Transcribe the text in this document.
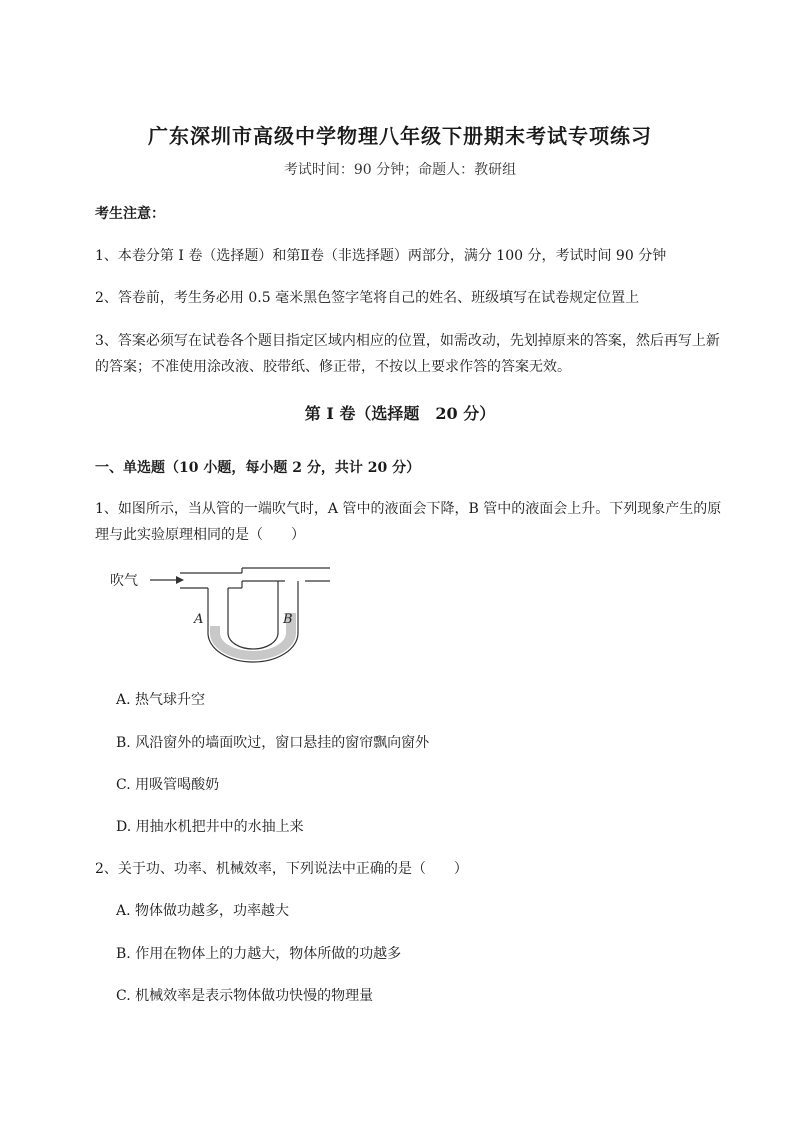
广东深圳市高级中学物理八年级下册期末考试专项练习
考试时间：90 分钟；命题人：教研组
考生注意：
1、本卷分第 I 卷（选择题）和第Ⅱ卷（非选择题）两部分，满分 100 分，考试时间 90 分钟
2、答卷前，考生务必用 0.5 毫米黑色签字笔将自己的姓名、班级填写在试卷规定位置上
3、答案必须写在试卷各个题目指定区域内相应的位置，如需改动，先划掉原来的答案，然后再写上新
的答案；不准使用涂改液、胶带纸、修正带，不按以上要求作答的答案无效。
第 I 卷（选择题　20 分）
一、单选题（10 小题，每小题 2 分，共计 20 分）
1、如图所示，当从管的一端吹气时，A 管中的液面会下降，B 管中的液面会上升。下列现象产生的原
理与此实验原理相同的是（　　）
吹气
A	B
A. 热气球升空
B. 风沿窗外的墙面吹过，窗口悬挂的窗帘飘向窗外
C. 用吸管喝酸奶
D. 用抽水机把井中的水抽上来
2、关于功、功率、机械效率，下列说法中正确的是（　　）
A. 物体做功越多，功率越大
B. 作用在物体上的力越大，物体所做的功越多
C. 机械效率是表示物体做功快慢的物理量
